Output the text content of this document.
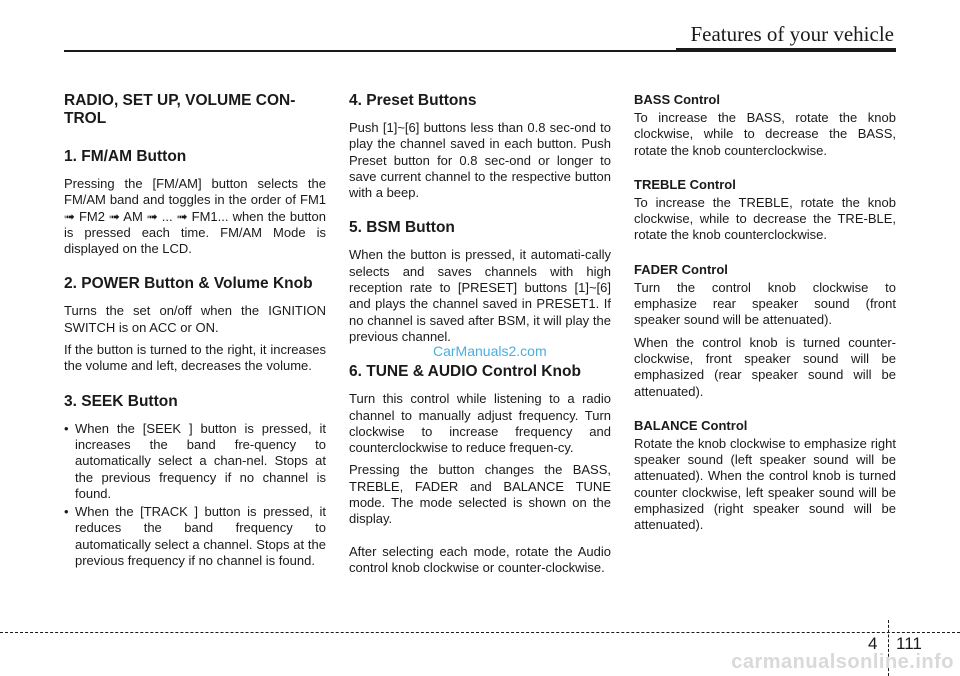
Features of your vehicle
RADIO, SET UP, VOLUME CON-
TROL
1. FM/AM Button

Pressing the [FM/AM] button selects the FM/AM band and toggles in the order of FM1 ➟ FM2 ➟ AM ➟ ... ➟ FM1... when the button is pressed each time. FM/AM Mode is displayed on the LCD.

2. POWER Button & Volume Knob

Turns the set on/off when the IGNITION SWITCH is on ACC or ON.

If the button is turned to the right, it increases the volume and left, decreases the volume.

3. SEEK Button
• When the [SEEK ] button is pressed, it increases the band fre-quency to automatically select a chan-nel. Stops at the previous frequency if no channel is found.
• When the [TRACK ] button is pressed, it reduces the band frequency to automatically select a channel. Stops at the previous frequency if no channel is found.
4. Preset Buttons

Push [1]~[6] buttons less than 0.8 sec-ond to play the channel saved in each button. Push Preset button for 0.8 sec-ond or longer to save current channel to the respective button with a beep.

5. BSM Button

When the button is pressed, it automati-cally selects and saves channels with high reception rate to [PRESET] buttons [1]~[6] and plays the channel saved in PRESET1. If no channel is saved after BSM, it will play the previous channel.

6. TUNE & AUDIO Control Knob

Turn this control while listening to a radio channel to manually adjust frequency. Turn clockwise to increase frequency and counterclockwise to reduce frequen-cy.

Pressing the button changes the BASS, TREBLE, FADER and BALANCE TUNE mode. The mode selected is shown on the display.

After selecting each mode, rotate the Audio control knob clockwise or counter-clockwise.

BASS Control

To increase the BASS, rotate the knob clockwise, while to decrease the BASS, rotate the knob counterclockwise.

TREBLE Control

To increase the TREBLE, rotate the knob clockwise, while to decrease the TRE-BLE, rotate the knob counterclockwise.

FADER Control

Turn the control knob clockwise to emphasize rear speaker sound (front speaker sound will be attenuated).

When the control knob is turned counter-clockwise, front speaker sound will be emphasized (rear speaker sound will be attenuated).

BALANCE Control

Rotate the knob clockwise to emphasize right speaker sound (left speaker sound will be attenuated). When the control knob is turned counter clockwise, left speaker sound will be emphasized (right speaker sound will be attenuated).

CarManuals2.com
4 111
carmanualsonline.info
